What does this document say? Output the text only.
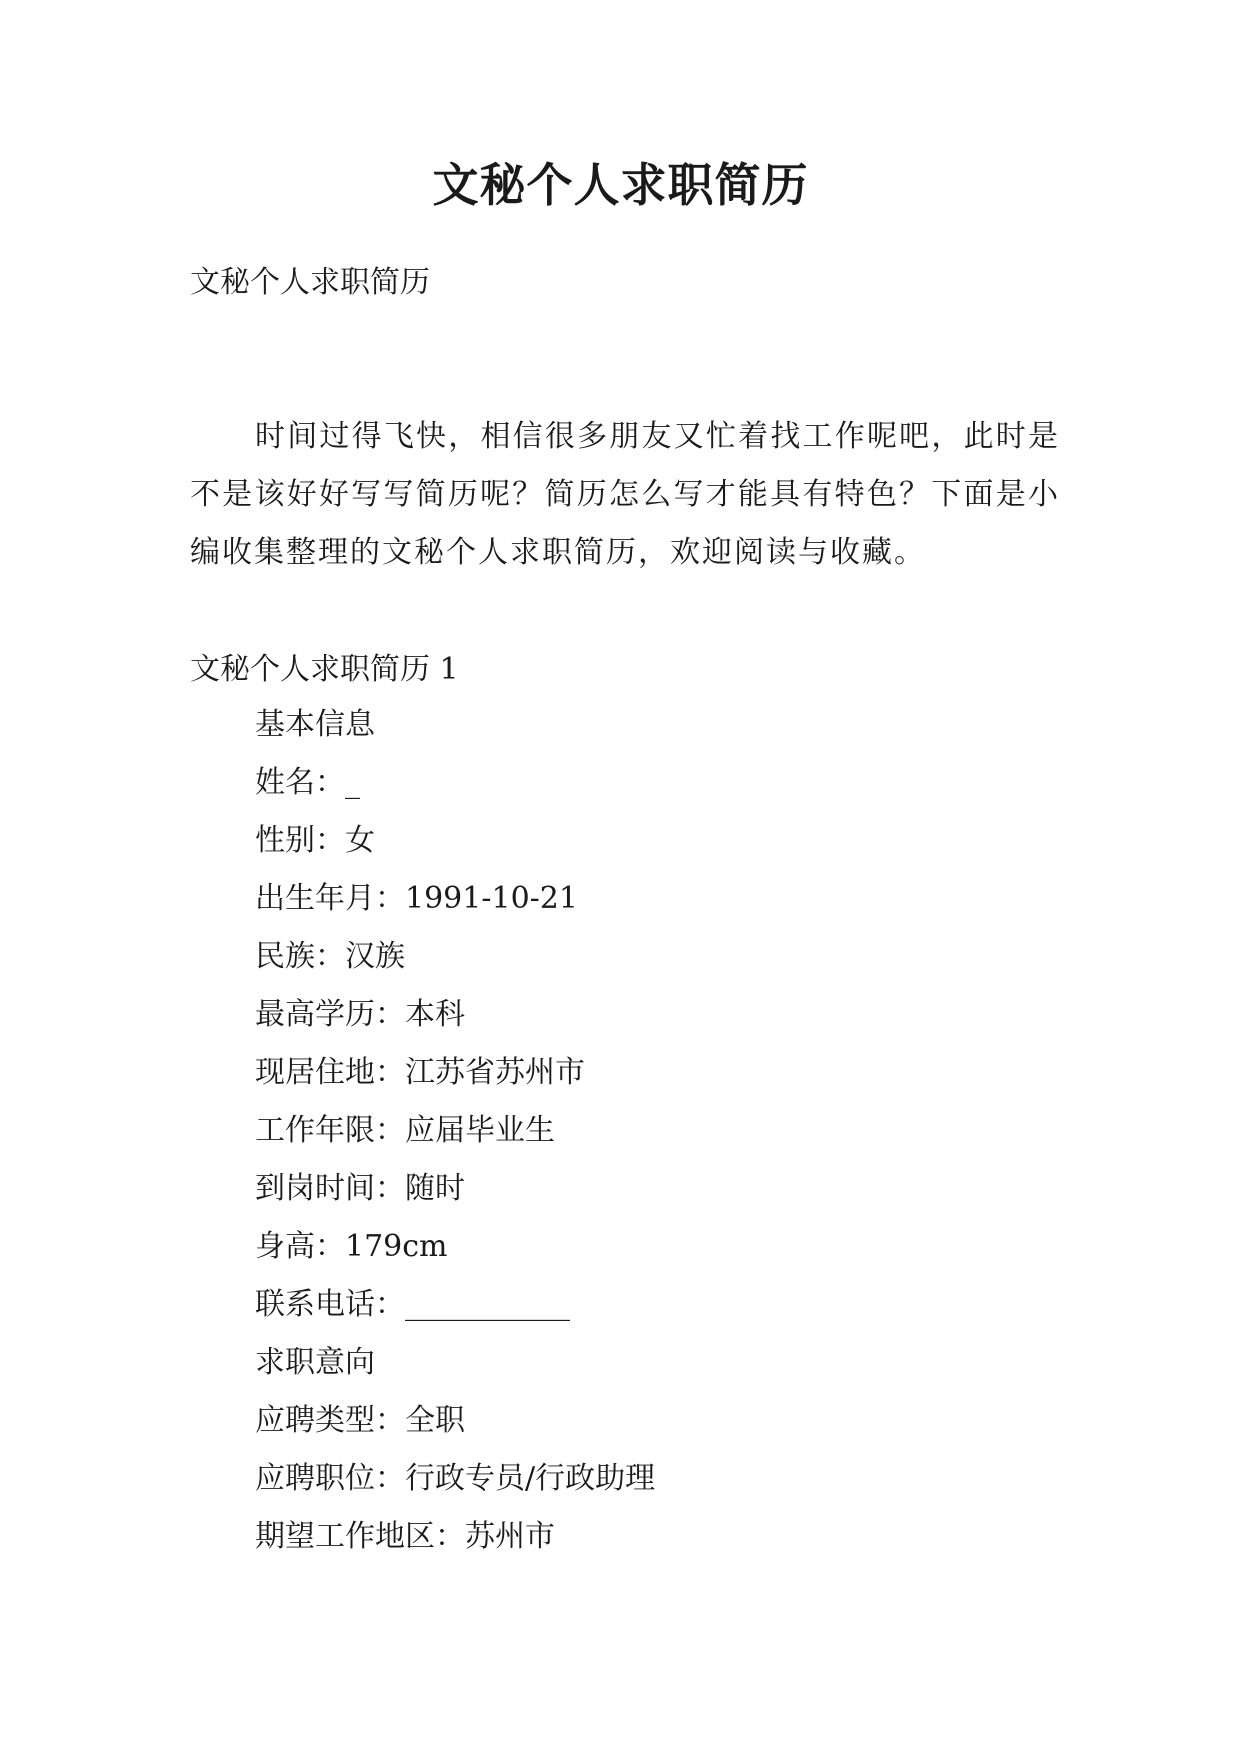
文秘个人求职简历
文秘个人求职简历
时间过得飞快，相信很多朋友又忙着找工作呢吧，此时是不是该好好写写简历呢？简历怎么写才能具有特色？下面是小编收集整理的文秘个人求职简历，欢迎阅读与收藏。
文秘个人求职简历 1
基本信息
姓名：_
性别：女
出生年月：1991-10-21
民族：汉族
最高学历：本科
现居住地：江苏省苏州市
工作年限：应届毕业生
到岗时间：随时
身高：179cm
联系电话：___________
求职意向
应聘类型：全职
应聘职位：行政专员/行政助理
期望工作地区：苏州市
